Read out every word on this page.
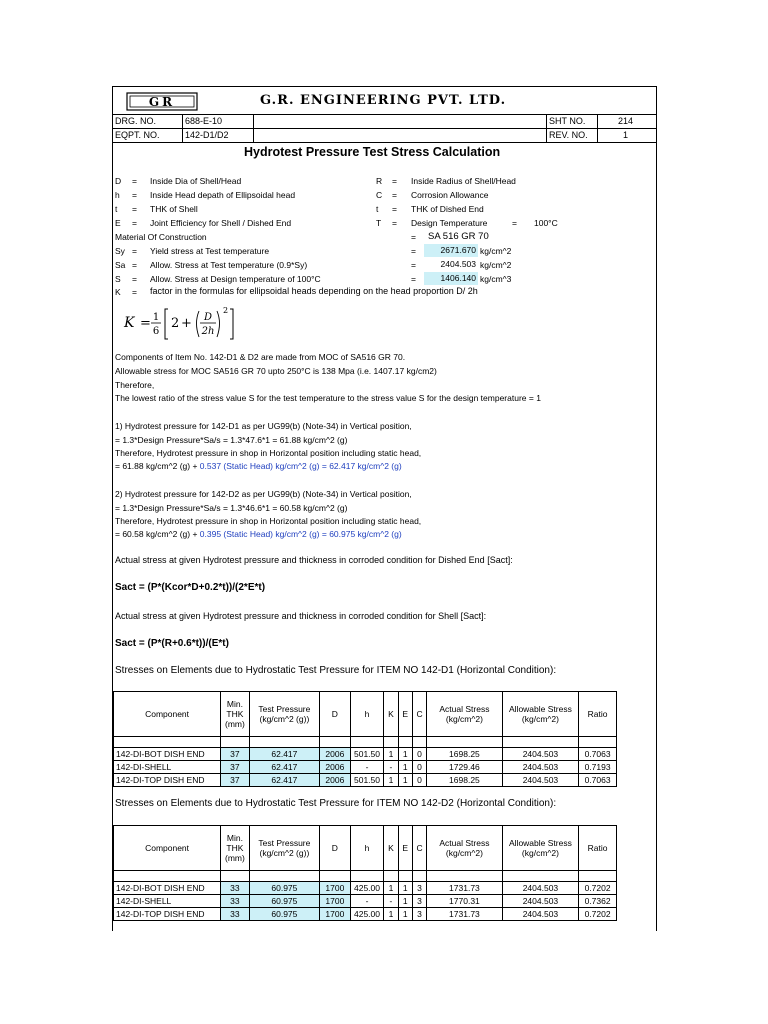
GR	G.R. ENGINEERING PVT. LTD.
DRG. NO.	688-E-10
EQPT. NO.	142-D1/D2
SHT NO.	214
REV. NO.	1
Hydrotest Pressure Test Stress Calculation
D = Inside Dia of Shell/Head
h = Inside Head depath of Ellipsoidal head
t = THK of Shell
E = Joint Efficiency for Shell / Dished End
R = Inside Radius of Shell/Head
C = Corrosion Allowance
t = THK of Dished End
T = Design Temperature	= 100°C
Material Of Construction	= SA 516 GR 70
Sy = Yield stress at Test temperature	=	2671.670 kg/cm^2
Sa = Allow. Stress at Test temperature (0.9*Sy)	=	2404.503 kg/cm^2
S = Allow. Stress at Design temperature of 100°C	=	1406.140 kg/cm^3
K = factor in the formulas for ellipsoidal heads depending on the head proportion D/ 2h
K = 1
6
2 + D
2h
2
Components of Item No. 142-D1 & D2 are made from MOC of SA516 GR 70.
Allowable stress for MOC SA516 GR 70 upto 250°C is 138 Mpa (i.e. 1407.17 kg/cm2)
Therefore,
The lowest ratio of the stress value S for the test temperature to the stress value S for the design temperature = 1
1) Hydrotest pressure for 142-D1 as per UG99(b) (Note-34) in Vertical position,
= 1.3*Design Pressure*Sa/s = 1.3*47.6*1 = 61.88 kg/cm^2 (g)
Therefore, Hydrotest pressure in shop in Horizontal position including static head,
= 61.88 kg/cm^2 (g) + 0.537 (Static Head) kg/cm^2 (g) = 62.417 kg/cm^2 (g)
2) Hydrotest pressure for 142-D2 as per UG99(b) (Note-34) in Vertical position,
= 1.3*Design Pressure*Sa/s = 1.3*46.6*1 = 60.58 kg/cm^2 (g)
Therefore, Hydrotest pressure in shop in Horizontal position including static head,
= 60.58 kg/cm^2 (g) + 0.395 (Static Head) kg/cm^2 (g) = 60.975 kg/cm^2 (g)
Actual stress at given Hydrotest pressure and thickness in corroded condition for Dished End [Sact]:
Sact = (P*(Kcor*D+0.2*t))/(2*E*t)
Actual stress at given Hydrotest pressure and thickness in corroded condition for Shell [Sact]:
Sact = (P*(R+0.6*t))/(E*t)
Stresses on Elements due to Hydrostatic Test Pressure for ITEM NO 142-D1 (Horizontal Condition):
Component	Min. THK (mm)	Test Pressure (kg/cm^2 (g))	D	h	K	E	C	Actual Stress (kg/cm^2)	Allowable Stress (kg/cm^2)	Ratio

142-DI-BOT DISH END	37	62.417	2006	501.50	1	1	0	1698.25	2404.503	0.7063
142-DI-SHELL	37	62.417	2006	-	-	1	0	1729.46	2404.503	0.7193
142-DI-TOP DISH END	37	62.417	2006	501.50	1	1	0	1698.25	2404.503	0.7063
Stresses on Elements due to Hydrostatic Test Pressure for ITEM NO 142-D2 (Horizontal Condition):
Component	Min. THK (mm)	Test Pressure (kg/cm^2 (g))	D	h	K	E	C	Actual Stress (kg/cm^2)	Allowable Stress (kg/cm^2)	Ratio

142-DI-BOT DISH END	33	60.975	1700	425.00	1	1	3	1731.73	2404.503	0.7202
142-DI-SHELL	33	60.975	1700	-	-	1	3	1770.31	2404.503	0.7362
142-DI-TOP DISH END	33	60.975	1700	425.00	1	1	3	1731.73	2404.503	0.7202
